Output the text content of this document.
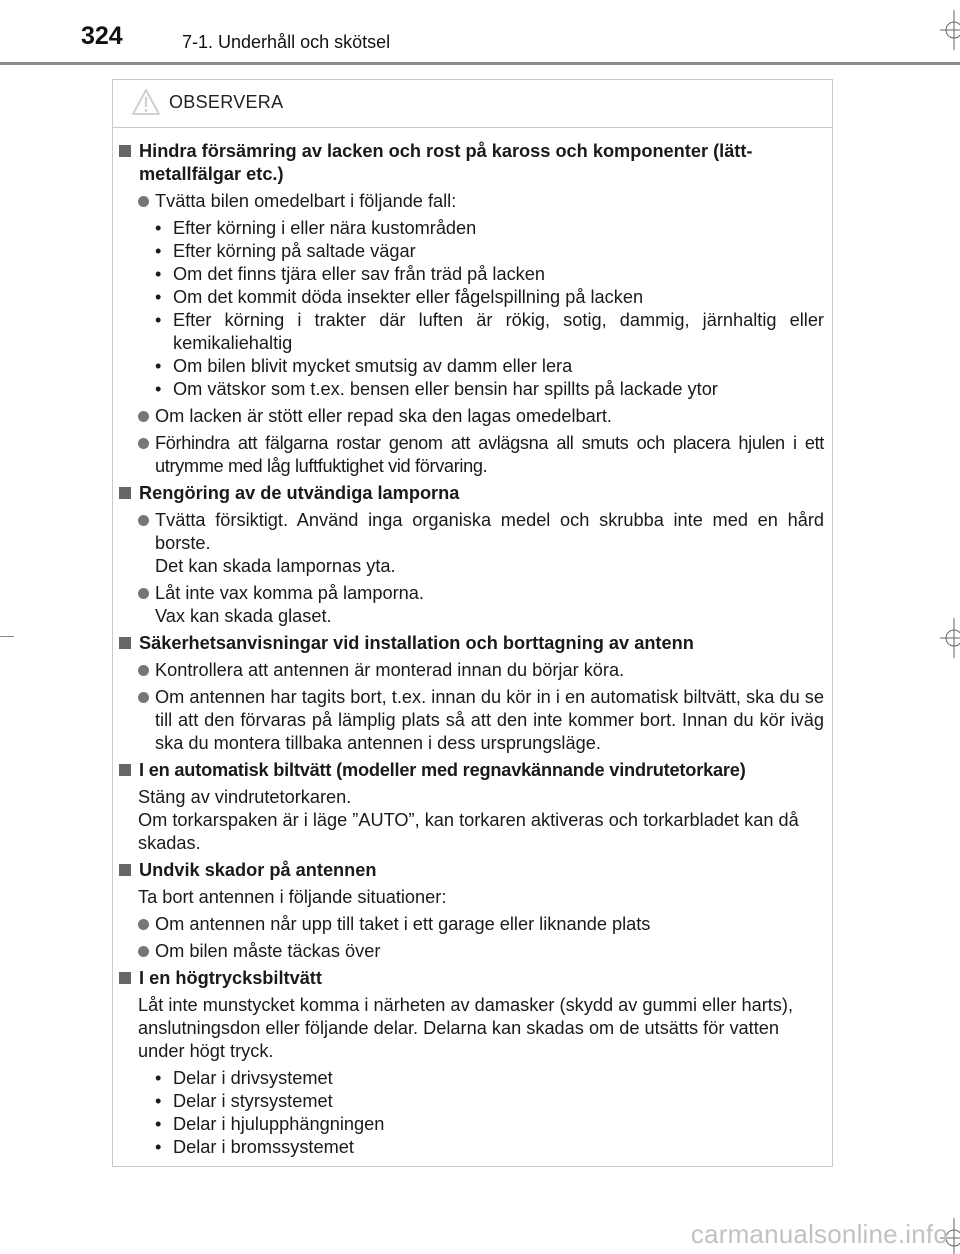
324	7-1. Underhåll och skötsel
OBSERVERA
Hindra försämring av lacken och rost på kaross och komponenter (lätt-metallfälgar etc.)
Tvätta bilen omedelbart i följande fall:
• Efter körning i eller nära kustområden
• Efter körning på saltade vägar
• Om det finns tjära eller sav från träd på lacken
• Om det kommit döda insekter eller fågelspillning på lacken
• Efter körning i trakter där luften är rökig, sotig, dammig, järnhaltig eller kemikaliehaltig
• Om bilen blivit mycket smutsig av damm eller lera
• Om vätskor som t.ex. bensen eller bensin har spillts på lackade ytor
Om lacken är stött eller repad ska den lagas omedelbart.
Förhindra att fälgarna rostar genom att avlägsna all smuts och placera hjulen i ett utrymme med låg luftfuktighet vid förvaring.
Rengöring av de utvändiga lamporna
Tvätta försiktigt. Använd inga organiska medel och skrubba inte med en hård borste.
Det kan skada lampornas yta.
Låt inte vax komma på lamporna.
Vax kan skada glaset.
Säkerhetsanvisningar vid installation och borttagning av antenn
Kontrollera att antennen är monterad innan du börjar köra.
Om antennen har tagits bort, t.ex. innan du kör in i en automatisk biltvätt, ska du se till att den förvaras på lämplig plats så att den inte kommer bort. Innan du kör iväg ska du montera tillbaka antennen i dess ursprungsläge.
I en automatisk biltvätt (modeller med regnavkännande vindrutetorkare)
Stäng av vindrutetorkaren.
Om torkarspaken är i läge ”AUTO”, kan torkaren aktiveras och torkarbladet kan då skadas.
Undvik skador på antennen
Ta bort antennen i följande situationer:
Om antennen når upp till taket i ett garage eller liknande plats
Om bilen måste täckas över
I en högtrycksbiltvätt
Låt inte munstycket komma i närheten av damasker (skydd av gummi eller harts), anslutningsdon eller följande delar. Delarna kan skadas om de utsätts för vatten under högt tryck.
• Delar i drivsystemet
• Delar i styrsystemet
• Delar i hjulupphängningen
• Delar i bromssystemet
carmanualsonline.info
